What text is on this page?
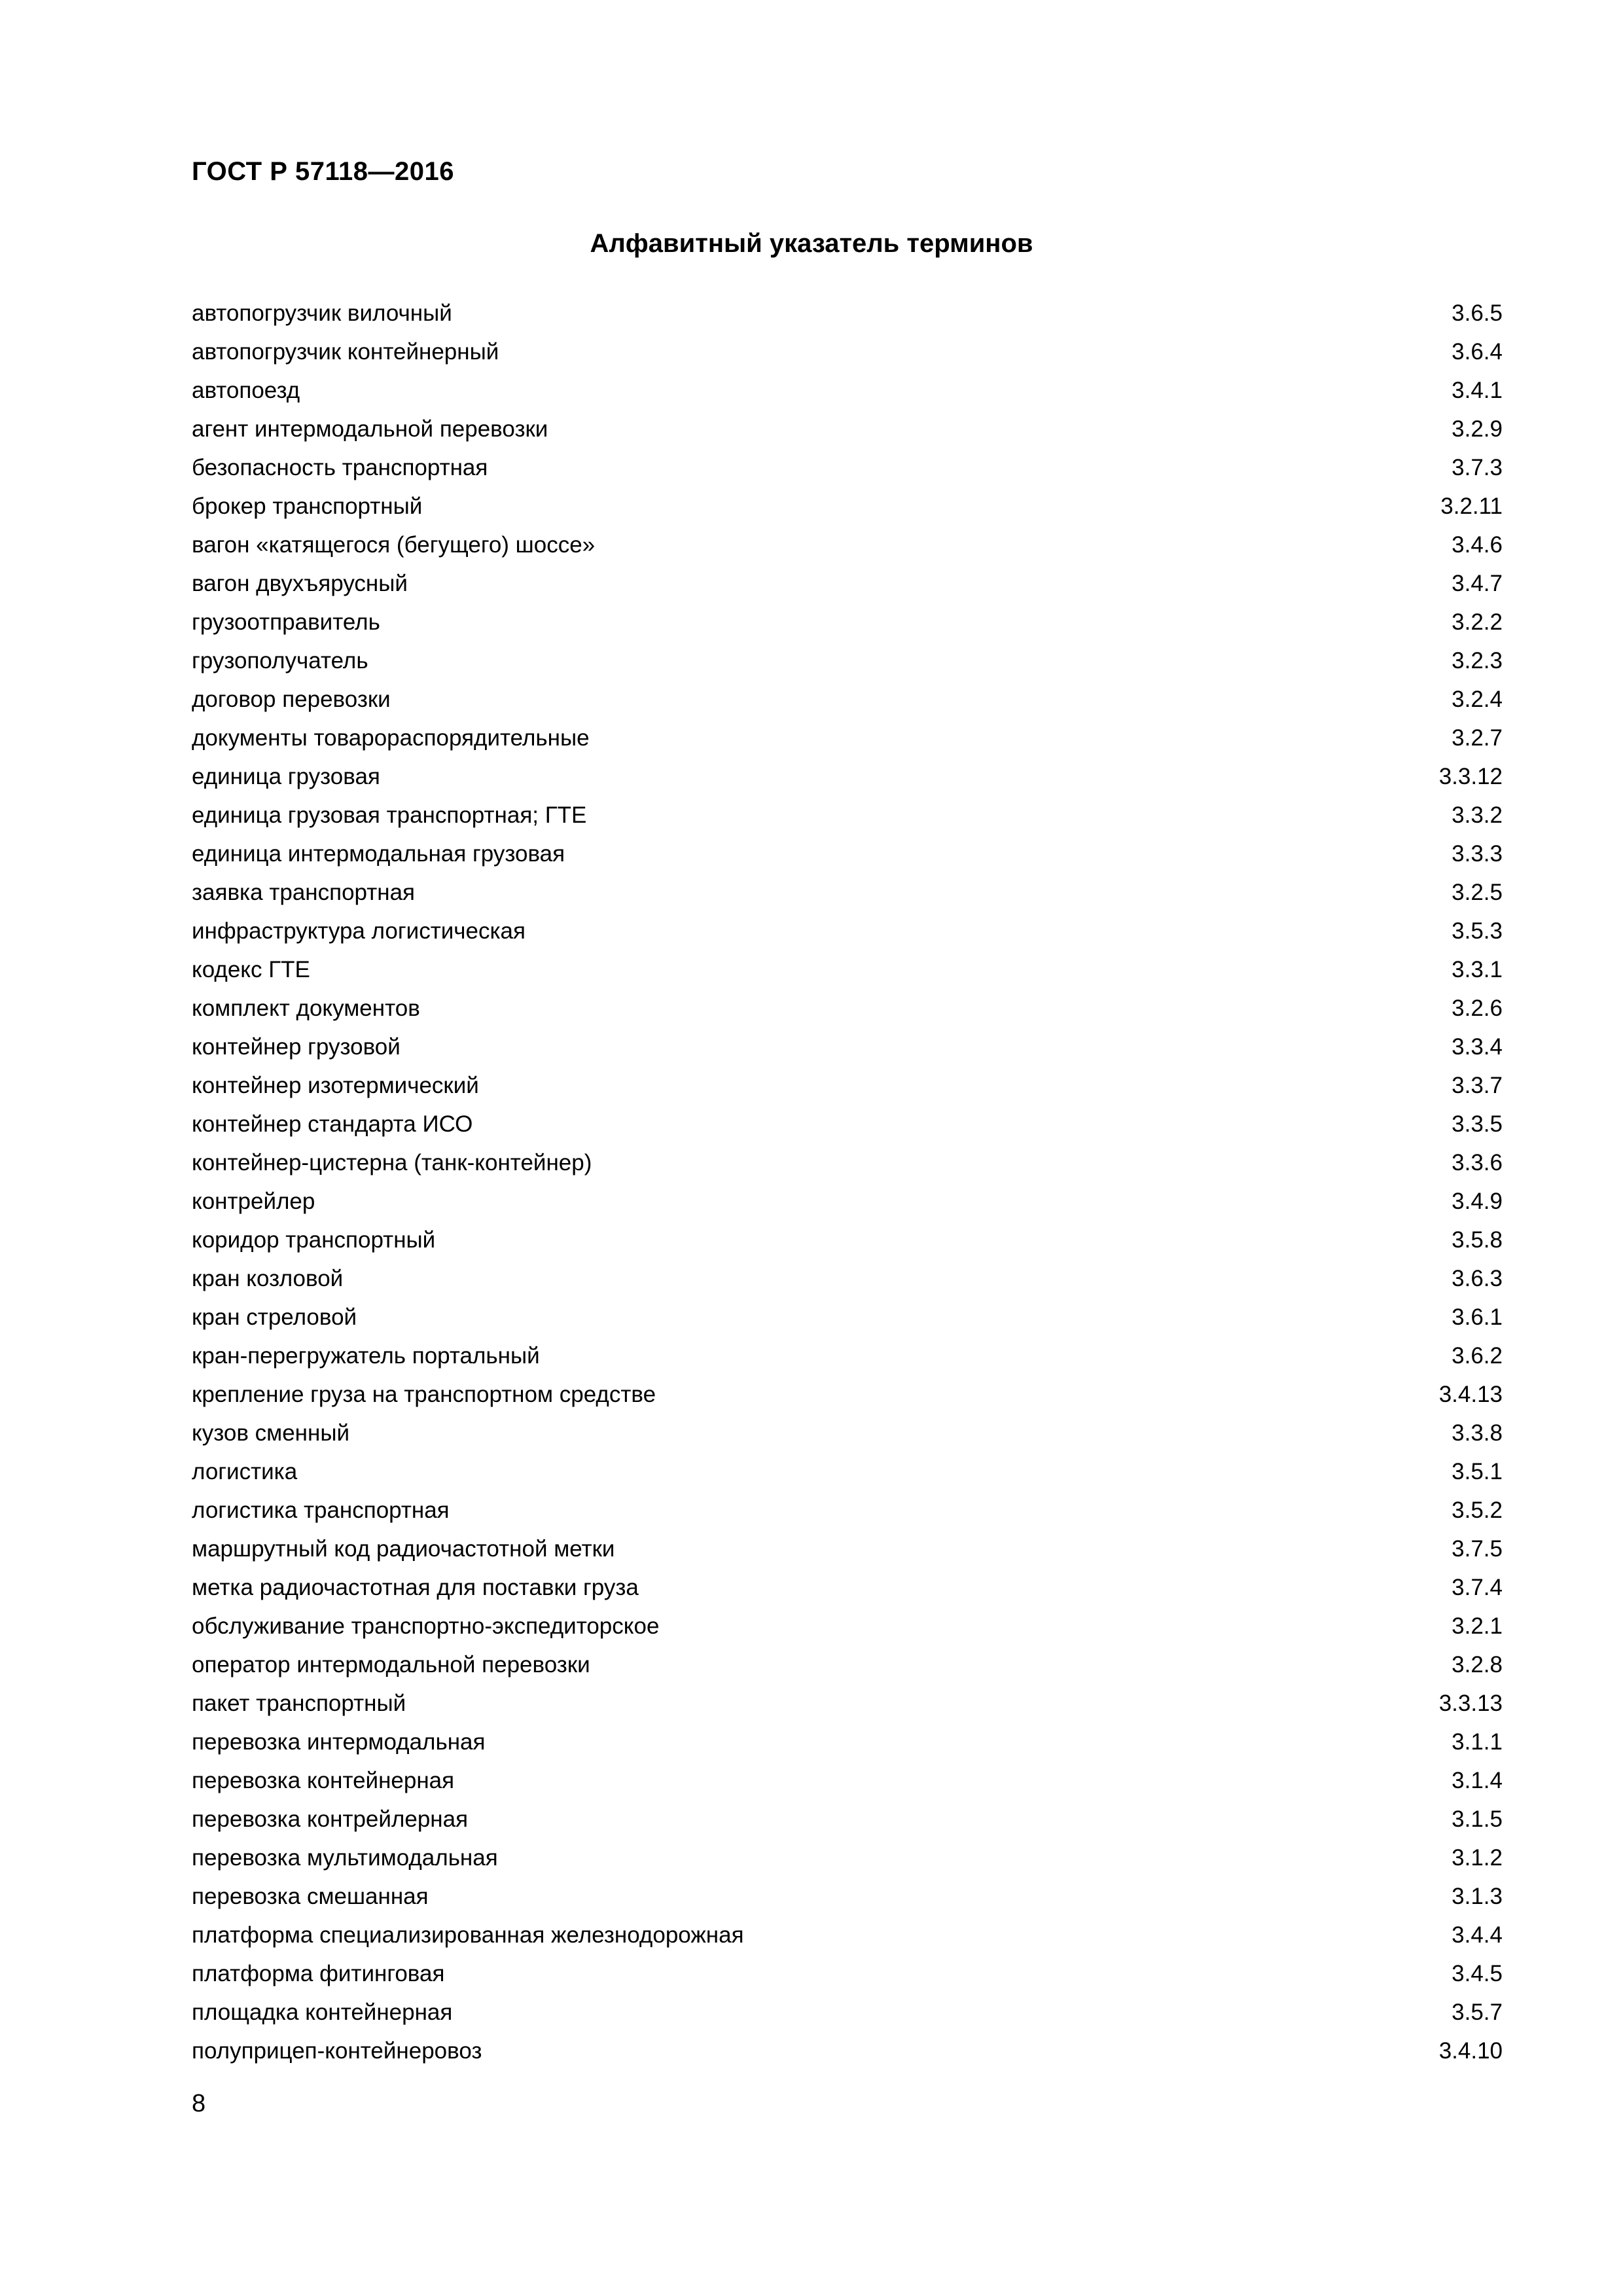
ГОСТ Р 57118—2016
Алфавитный указатель терминов
автопогрузчик вилочный	3.6.5
автопогрузчик контейнерный	3.6.4
автопоезд	3.4.1
агент интермодальной перевозки	3.2.9
безопасность транспортная	3.7.3
брокер транспортный	3.2.11
вагон «катящегося (бегущего) шоссе»	3.4.6
вагон двухъярусный	3.4.7
грузоотправитель	3.2.2
грузополучатель	3.2.3
договор перевозки	3.2.4
документы товарораспорядительные	3.2.7
единица грузовая	3.3.12
единица грузовая транспортная; ГТЕ	3.3.2
единица интермодальная грузовая	3.3.3
заявка транспортная	3.2.5
инфраструктура логистическая	3.5.3
кодекс ГТЕ	3.3.1
комплект документов	3.2.6
контейнер грузовой	3.3.4
контейнер изотермический	3.3.7
контейнер стандарта ИСО	3.3.5
контейнер-цистерна (танк-контейнер)	3.3.6
контрейлер	3.4.9
коридор транспортный	3.5.8
кран козловой	3.6.3
кран стреловой	3.6.1
кран-перегружатель портальный	3.6.2
крепление груза на транспортном средстве	3.4.13
кузов сменный	3.3.8
логистика	3.5.1
логистика транспортная	3.5.2
маршрутный код радиочастотной метки	3.7.5
метка радиочастотная для поставки груза	3.7.4
обслуживание транспортно-экспедиторское	3.2.1
оператор интермодальной перевозки	3.2.8
пакет транспортный	3.3.13
перевозка интермодальная	3.1.1
перевозка контейнерная	3.1.4
перевозка контрейлерная	3.1.5
перевозка мультимодальная	3.1.2
перевозка смешанная	3.1.3
платформа специализированная железнодорожная	3.4.4
платформа фитинговая	3.4.5
площадка контейнерная	3.5.7
полуприцеп-контейнеровоз	3.4.10
8
